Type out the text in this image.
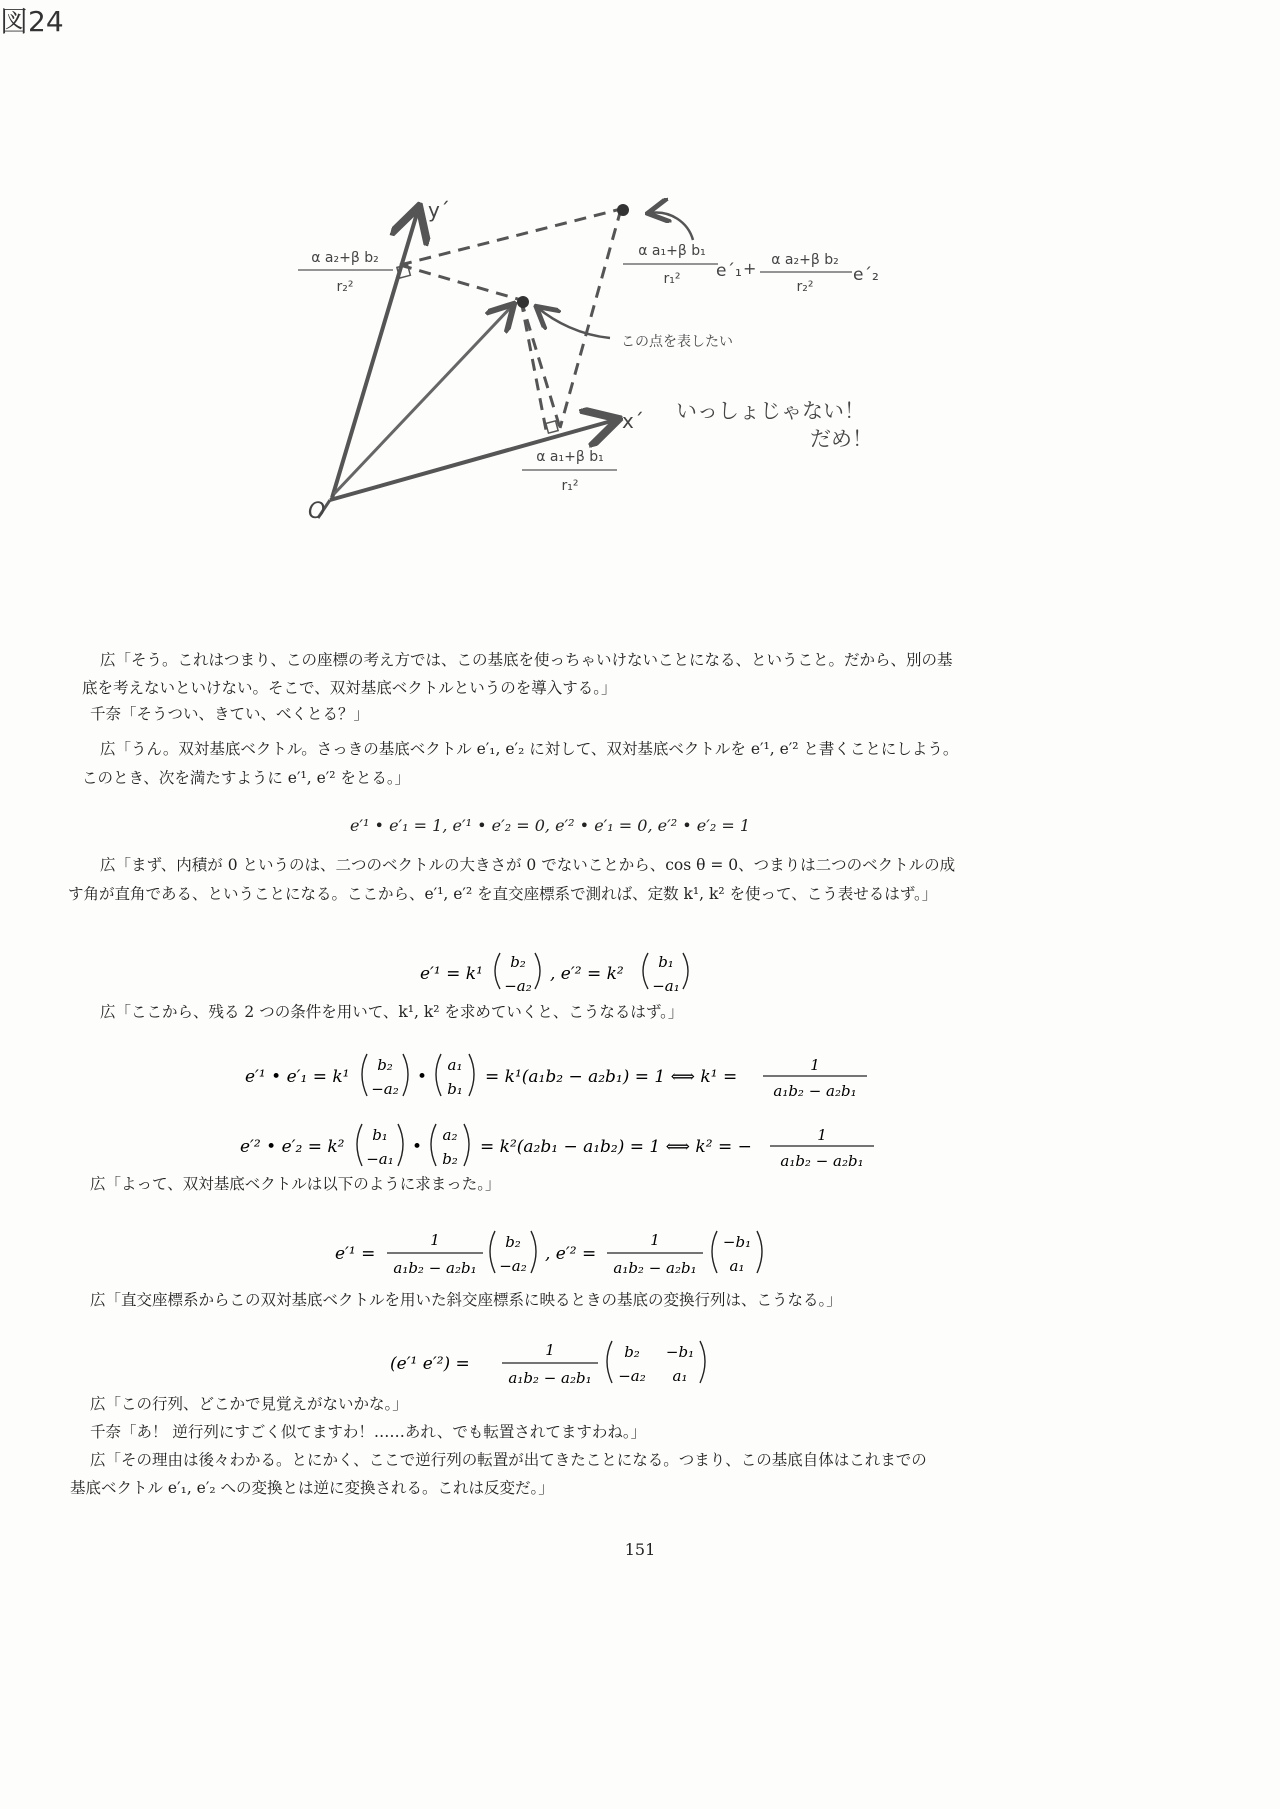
図24
y´
x´
O
α a₂+β b₂
r₂²
α a₁+β b₁
r₁² e´₁ + α a₂+β b₂
r₂²
e´₂
α a₁+β b₁
r₁²
この点を表したい
いっしょじゃない！
だめ！
広「そう。これはつまり、この座標の考え方では、この基底を使っちゃいけないことになる、ということ。だから、別の基
底を考えないといけない。そこで、双対基底ベクトルというのを導入する。」
千奈「そうつい、きてい、べくとる？」
広「うん。双対基底ベクトル。さっきの基底ベクトル e′₁, e′₂ に対して、双対基底ベクトルを e′¹, e′² と書くことにしよう。
このとき、次を満たすように e′¹, e′² をとる。」
e′¹ • e′₁ = 1, e′¹ • e′₂ = 0, e′² • e′₁ = 0, e′² • e′₂ = 1
広「まず、内積が 0 というのは、二つのベクトルの大きさが 0 でないことから、cos θ = 0、つまりは二つのベクトルの成
す角が直角である、ということになる。ここから、e′¹, e′² を直交座標系で測れば、定数 k¹, k² を使って、こう表せるはず。」
e′¹ = k¹
b₂
−a₂
, e′² = k²
b₁
−a₁
広「ここから、残る 2 つの条件を用いて、k¹, k² を求めていくと、こうなるはず。」
e′¹ • e′₁ = k¹
b₂
−a₂
•
a₁
b₁
= k¹(a₁b₂ − a₂b₁) = 1 ⟺ k¹ =
1
a₁b₂ − a₂b₁
e′² • e′₂ = k²
b₁
−a₁
•
a₂
b₂
= k²(a₂b₁ − a₁b₂) = 1 ⟺ k² = −
1
a₁b₂ − a₂b₁
広「よって、双対基底ベクトルは以下のように求まった。」
e′¹ =
1
a₁b₂ − a₂b₁
b₂
−a₂
, e′² =
1
a₁b₂ − a₂b₁
−b₁
a₁
広「直交座標系からこの双対基底ベクトルを用いた斜交座標系に映るときの基底の変換行列は、こうなる。」
(e′¹ e′²) =
1
a₁b₂ − a₂b₁
b₂ −b₁
−a₂ a₁
広「この行列、どこかで見覚えがないかな。」
千奈「あ！ 逆行列にすごく似てますわ！……あれ、でも転置されてますわね。」
広「その理由は後々わかる。とにかく、ここで逆行列の転置が出てきたことになる。つまり、この基底自体はこれまでの
基底ベクトル e′₁, e′₂ への変換とは逆に変換される。これは反変だ。」
151
